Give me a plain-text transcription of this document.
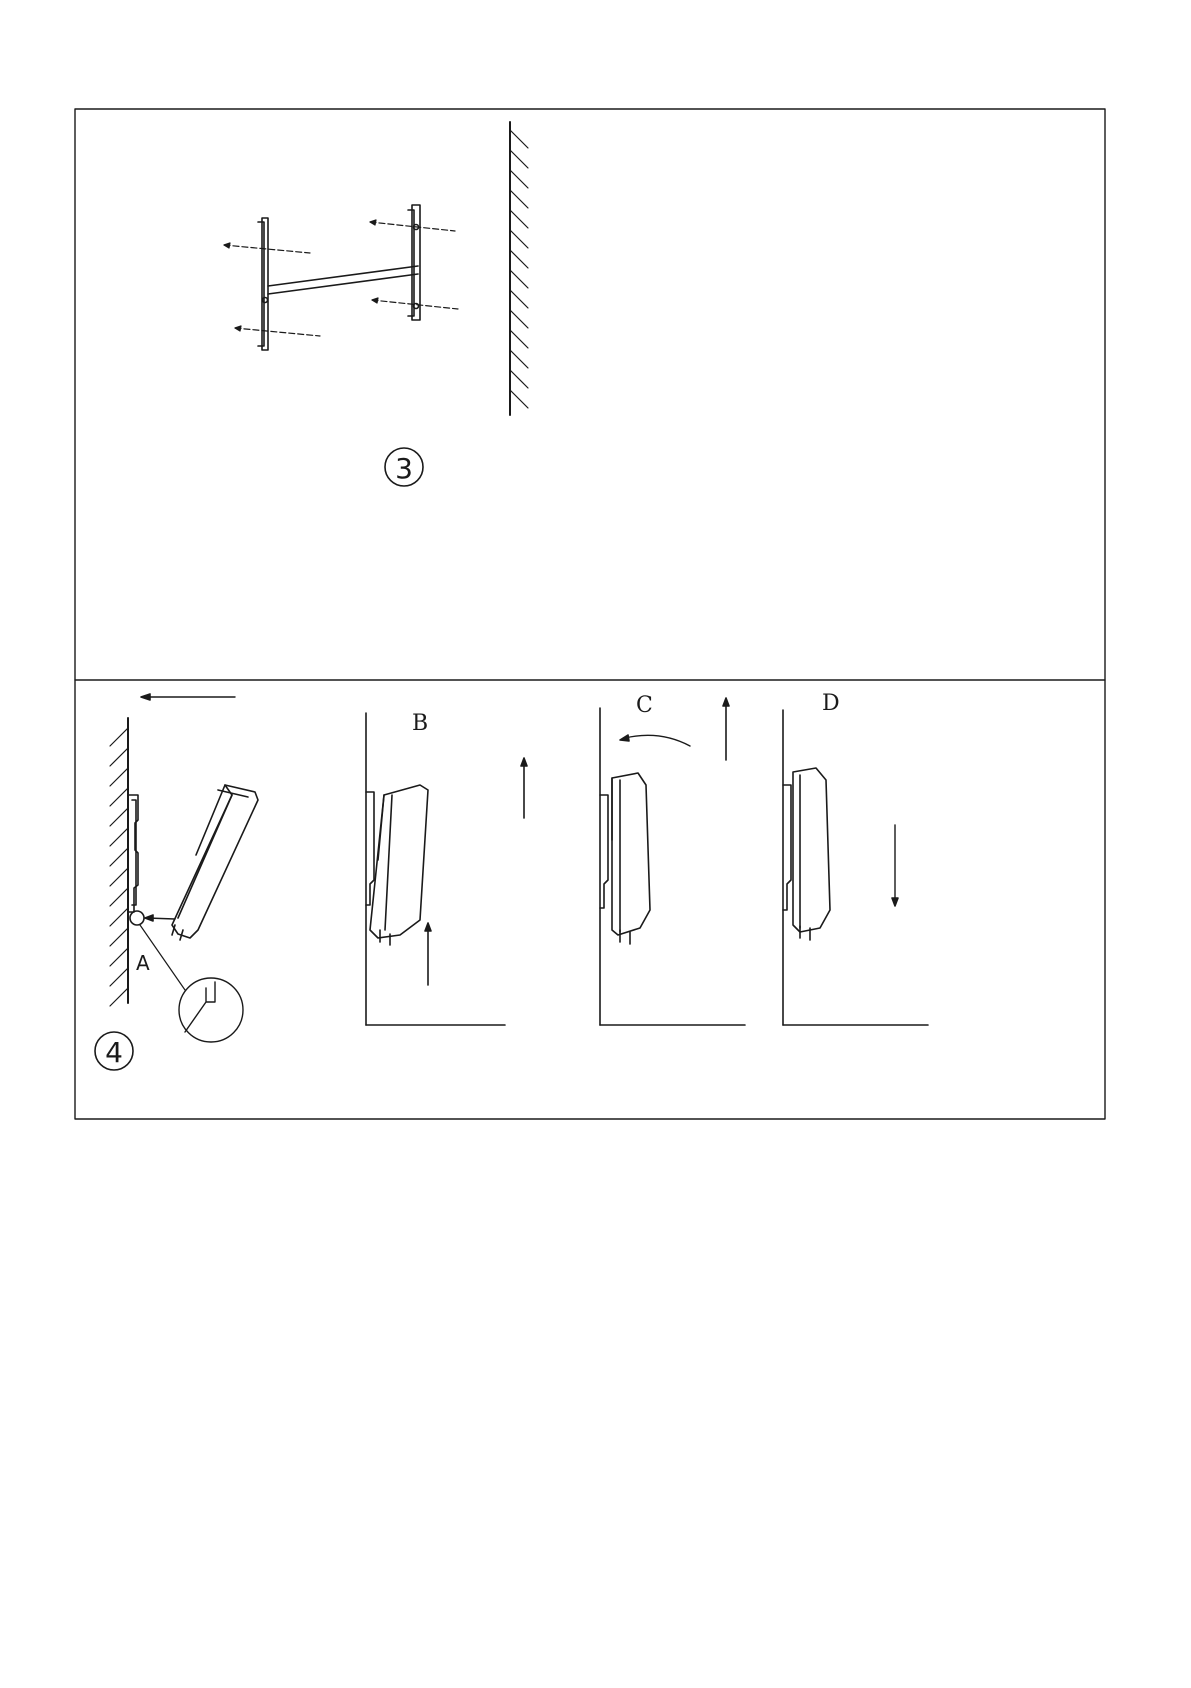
3
A
4
B
C	D
